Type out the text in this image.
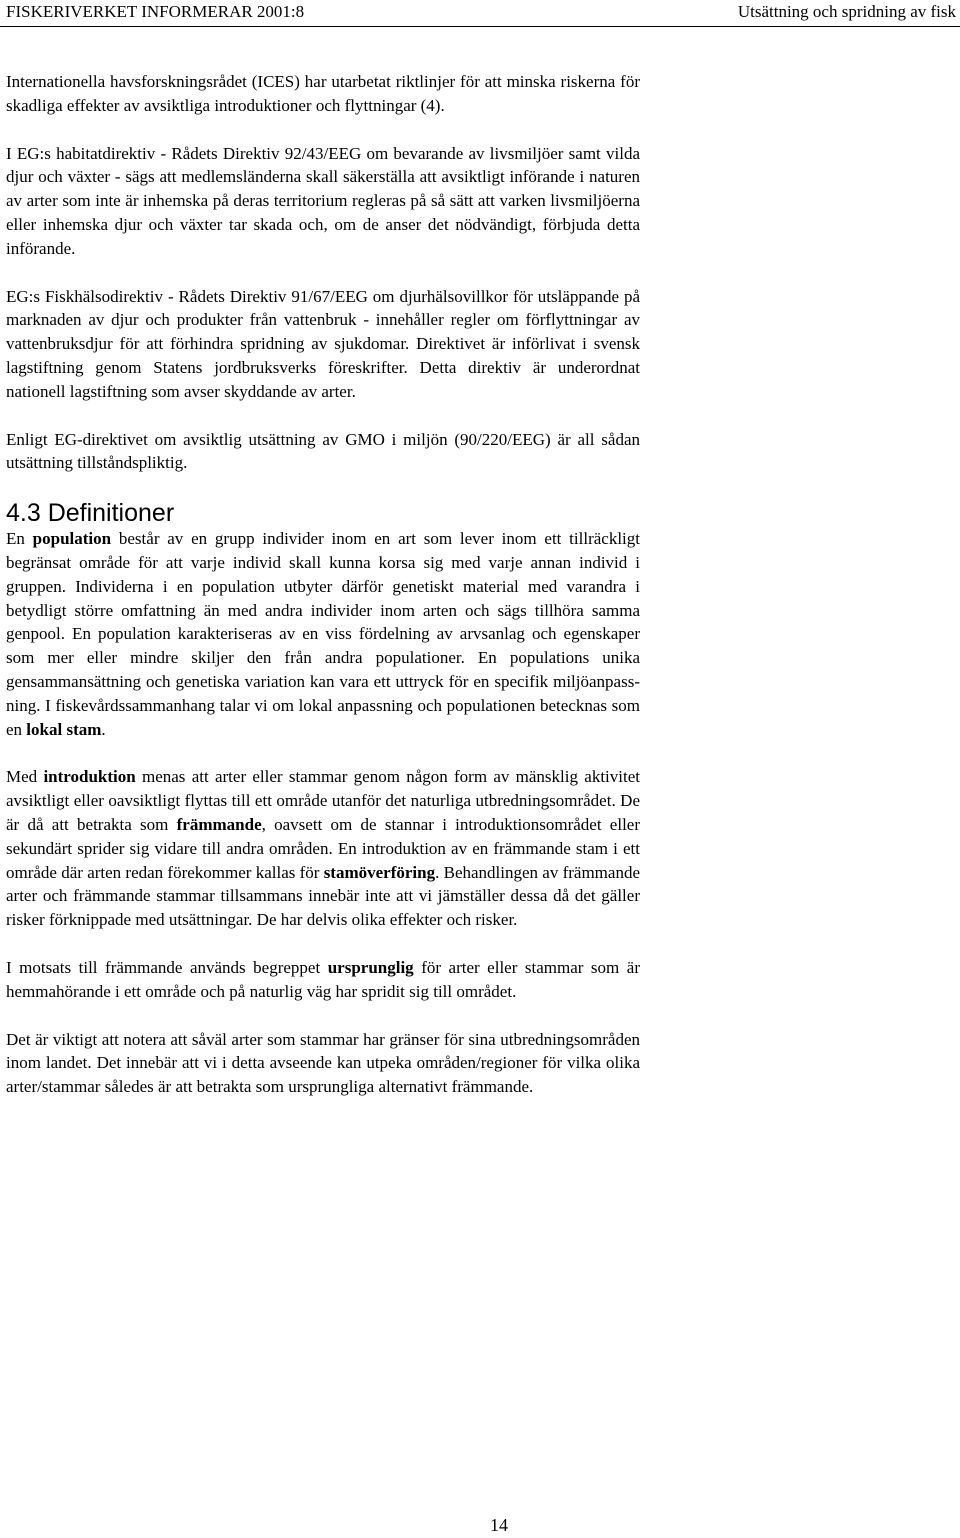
FISKERIVERKET INFORMERAR 2001:8	Utsättning och spridning av fisk

Internationella havsforskningsrådet (ICES) har utarbetat riktlinjer för att minska riskerna för skadliga effekter av avsiktliga introduktioner och flyttningar (4).

I EG:s habitatdirektiv - Rådets Direktiv 92/43/EEG om bevarande av livsmiljöer samt vilda djur och växter - sägs att medlemsländerna skall säkerställa att avsiktligt införande i naturen av arter som inte är inhemska på deras territorium regleras på så sätt att varken livsmiljöerna eller inhemska djur och växter tar skada och, om de anser det nödvändigt, förbjuda detta införande.

EG:s Fiskhälsodirektiv - Rådets Direktiv 91/67/EEG om djurhälsovillkor för utsläppande på marknaden av djur och produkter från vattenbruk - innehåller regler om förflyttningar av vattenbruksdjur för att förhindra spridning av sjukdomar. Direktivet är införlivat i svensk lagstiftning genom Statens jordbruksverks föreskrifter. Detta direktiv är underordnat nationell lagstiftning som avser skyddande av arter.

Enligt EG-direktivet om avsiktlig utsättning av GMO i miljön (90/220/EEG) är all sådan utsättning tillståndspliktig.

4.3 Definitioner

En population består av en grupp individer inom en art som lever inom ett tillräckligt begränsat område för att varje individ skall kunna korsa sig med varje annan individ i gruppen. Individerna i en population utbyter därför genetiskt material med varandra i betydligt större omfattning än med andra individer inom arten och sägs tillhöra samma genpool. En population karakteriseras av en viss fördelning av arvsanlag och egenskaper som mer eller mindre skiljer den från andra populationer. En populations unika gensammansättning och genetiska variation kan vara ett uttryck för en specifik miljöanpassning. I fiskevårdssammanhang talar vi om lokal anpassning och populationen betecknas som en lokal stam.

Med introduktion menas att arter eller stammar genom någon form av mänsklig aktivitet avsiktligt eller oavsiktligt flyttas till ett område utanför det naturliga utbredningsområdet. De är då att betrakta som främmande, oavsett om de stannar i introduktionsområdet eller sekundärt sprider sig vidare till andra områden. En introduktion av en främmande stam i ett område där arten redan förekommer kallas för stamöverföring. Behandlingen av främmande arter och främmande stammar tillsammans innebär inte att vi jämställer dessa då det gäller risker förknippade med utsättningar. De har delvis olika effekter och risker.

I motsats till främmande används begreppet ursprunglig för arter eller stammar som är hemmahörande i ett område och på naturlig väg har spridit sig till området.

Det är viktigt att notera att såväl arter som stammar har gränser för sina utbredningsområden inom landet. Det innebär att vi i detta avseende kan utpeka områden/regioner för vilka olika arter/stammar således är att betrakta som ursprungliga alternativt främmande.

14
